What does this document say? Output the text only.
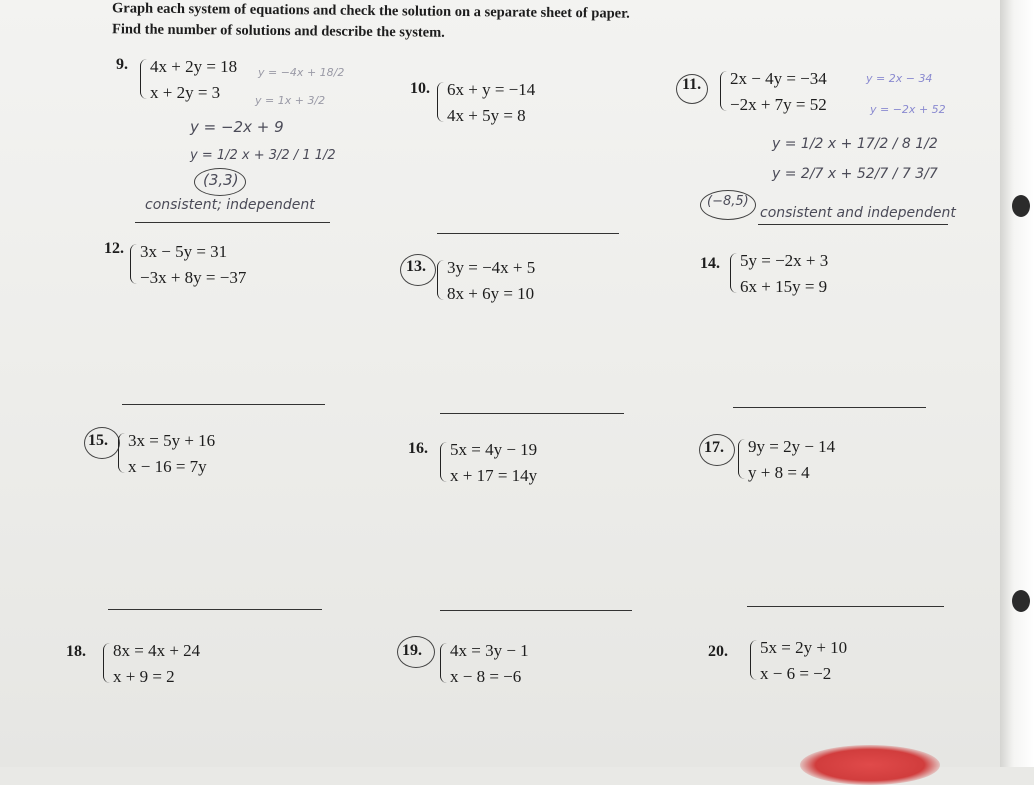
Graph each system of equations and check the solution on a separate sheet of paper.
Find the number of solutions and describe the system.
9. 4x + 2y = 18
x + 2y = 3
y = −4x + 18/2
y = 1x + 3/2
y = −2x + 9
y = 1/2 x + 3/2 / 1 1/2
(3,3)
consistent; independent
10. 6x + y = −14
4x + 5y = 8
11. 2x − 4y = −34
−2x + 7y = 52
y = 2x − 34
y = −2x + 52
y = 1/2 x + 17/2 / 8 1/2
y = 2/7 x + 52/7 / 7 3/7
(−8,5)
consistent and independent
12. 3x − 5y = 31
−3x + 8y = −37
13. 3y = −4x + 5
8x + 6y = 10
14. 5y = −2x + 3
6x + 15y = 9
15. 3x = 5y + 16
x − 16 = 7y
16. 5x = 4y − 19
x + 17 = 14y
17. 9y = 2y − 14
y + 8 = 4
18. 8x = 4x + 24
x + 9 = 2
19. 4x = 3y − 1
x − 8 = −6
20. 5x = 2y + 10
x − 6 = −2
